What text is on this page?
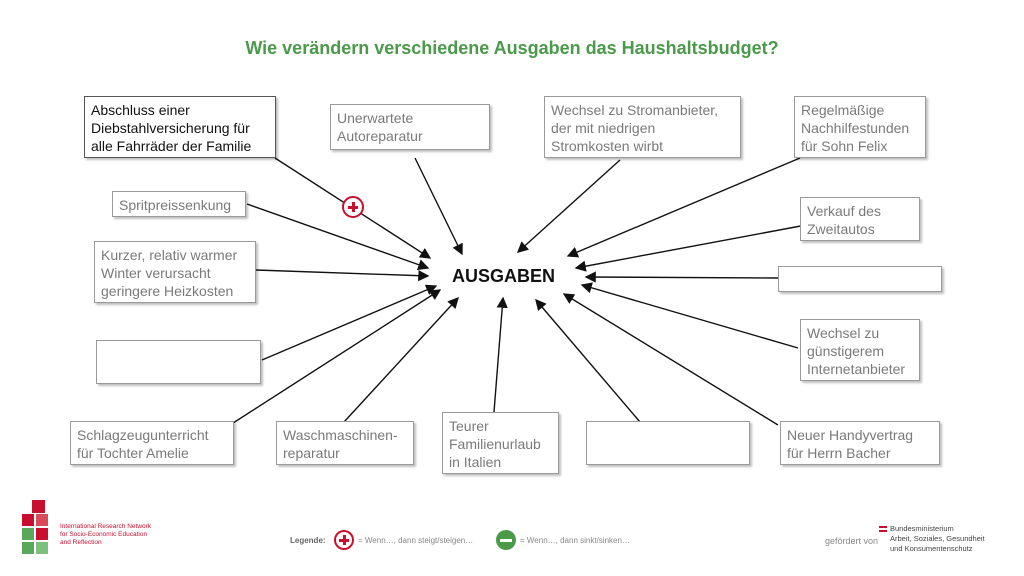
Wie verändern verschiedene Ausgaben das Haushaltsbudget?
AUSGABEN
Abschluss einer
Diebstahlversicherung für
alle Fahrräder der Familie
Unerwartete
Autoreparatur
Wechsel zu Stromanbieter,
der mit niedrigen
Stromkosten wirbt
Regelmäßige
Nachhilfestunden
für Sohn Felix
Spritpreissenkung	Verkauf des
Zweitautos
Kurzer, relativ warmer
Winter verursacht
geringere Heizkosten
Wechsel zu
günstigerem
Internetanbieter
Schlagzeugunterricht
für Tochter Amelie
Waschmaschinen-
reparatur
Teurer
Familienurlaub
in Italien
Neuer Handyvertrag
für Herrn Bacher
International Research Network
for Socio-Economic Education
and Reflection	Legende:	= Wenn…, dann steigt/steigen…	= Wenn…, dann sinkt/sinken…	gefördert von
Bundesministerium
Arbeit, Soziales, Gesundheit
und Konsumentenschutz
